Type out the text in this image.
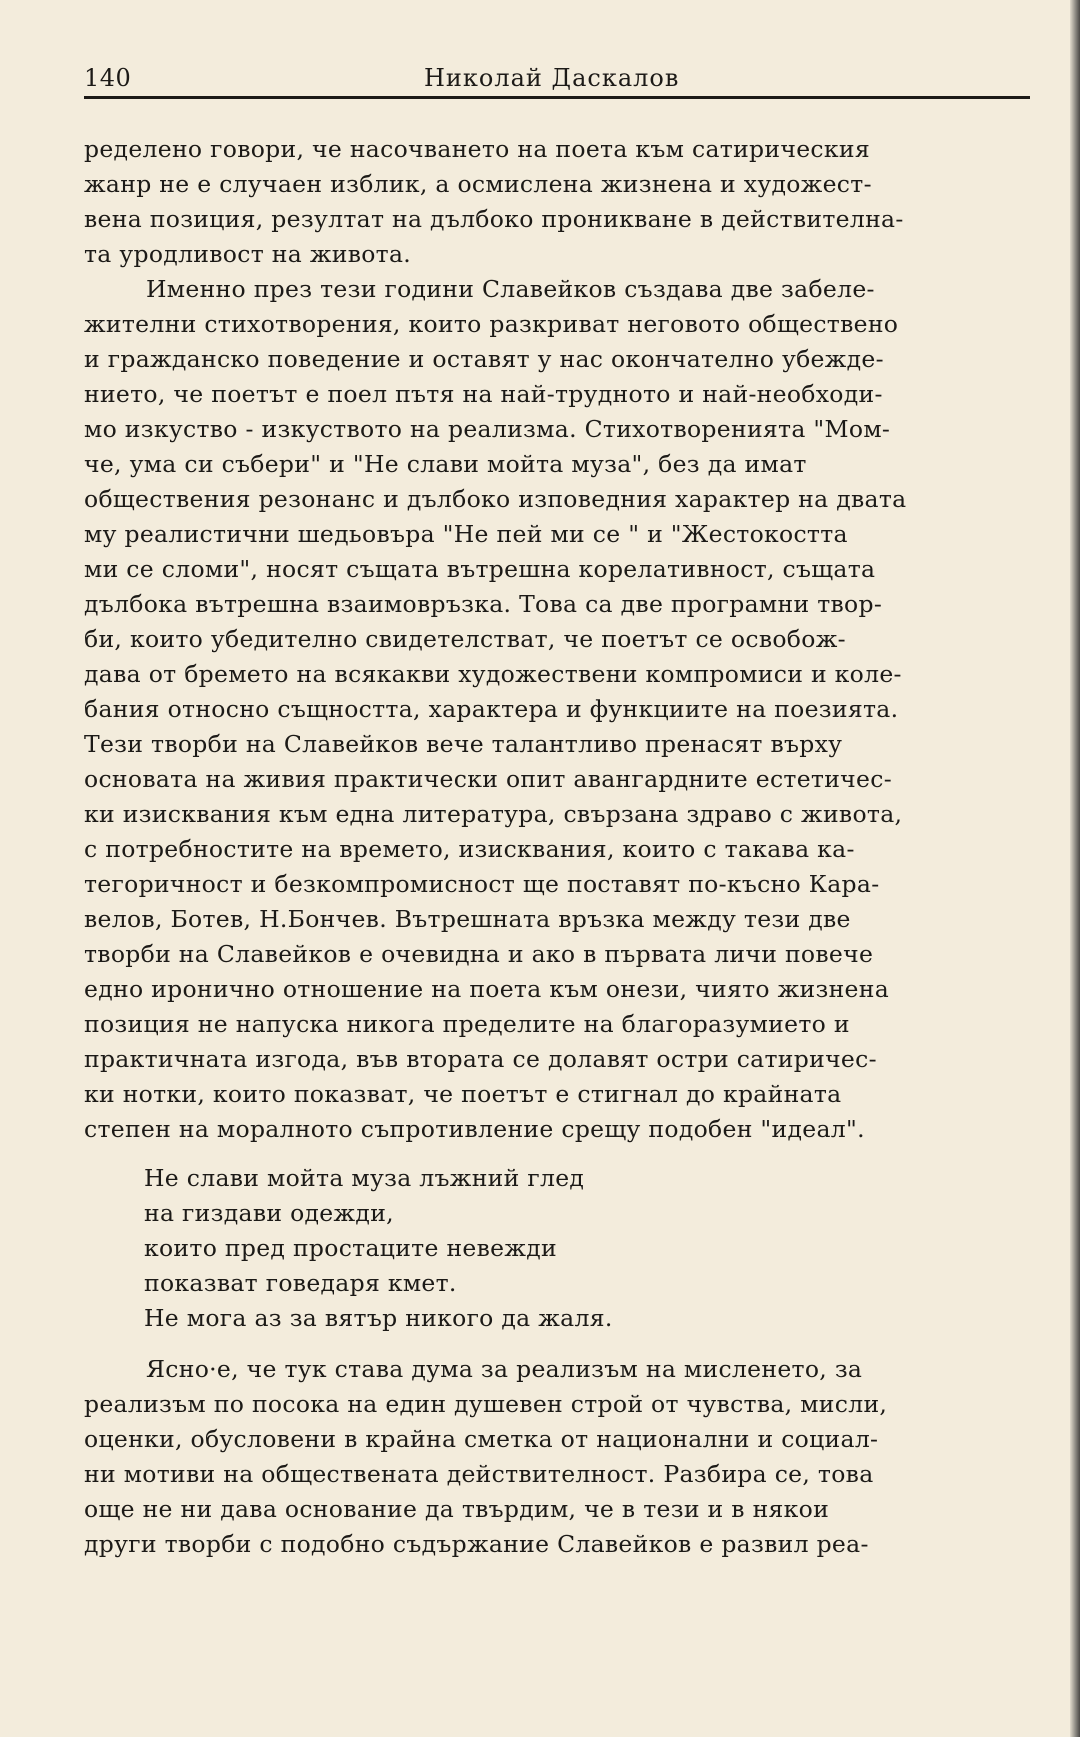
140	Николай Даскалов
ределено говори, че насочването на поета към сатирическия
жанр не е случаен изблик, а осмислена жизнена и художест-
вена позиция, резултат на дълбоко проникване в действителна-
та уродливост на живота.
Именно през тези години Славейков създава две забеле-
жителни стихотворения, които разкриват неговото обществено
и гражданско поведение и оставят у нас окончателно убежде-
нието, че поетът е поел пътя на най-трудното и най-необходи-
мо изкуство - изкуството на реализма. Стихотворенията "Мом-
че, ума си събери" и "Не слави мойта муза", без да имат
обществения резонанс и дълбоко изповедния характер на двата
му реалистични шедьовъра "Не пей ми се " и "Жестокостта
ми се сломи", носят същата вътрешна корелативност, същата
дълбока вътрешна взаимовръзка. Това са две програмни твор-
би, които убедително свидетелстват, че поетът се освобож-
дава от бремето на всякакви художествени компромиси и коле-
бания относно същността, характера и функциите на поезията.
Тези творби на Славейков вече талантливо пренасят върху
основата на живия практически опит авангардните естетичес-
ки изисквания към една литература, свързана здраво с живота,
с потребностите на времето, изисквания, които с такава ка-
тегоричност и безкомпромисност ще поставят по-късно Кара-
велов, Ботев, Н.Бончев. Вътрешната връзка между тези две
творби на Славейков е очевидна и ако в първата личи повече
едно иронично отношение на поета към онези, чиято жизнена
позиция не напуска никога пределите на благоразумието и
практичната изгода, във втората се долавят остри сатиричес-
ки нотки, които показват, че поетът е стигнал до крайната
степен на моралното съпротивление срещу подобен "идеал".
Не слави мойта муза лъжний глед
на гиздави одежди,
които пред простаците невежди
показват говедаря кмет.
Не мога аз за вятър никого да жаля.
Ясно·е, че тук става дума за реализъм на мисленето, за
реализъм по посока на един душевен строй от чувства, мисли,
оценки, обусловени в крайна сметка от национални и социал-
ни мотиви на обществената действителност. Разбира се, това
още не ни дава основание да твърдим, че в тези и в някои
други творби с подобно съдържание Славейков е развил реа-
